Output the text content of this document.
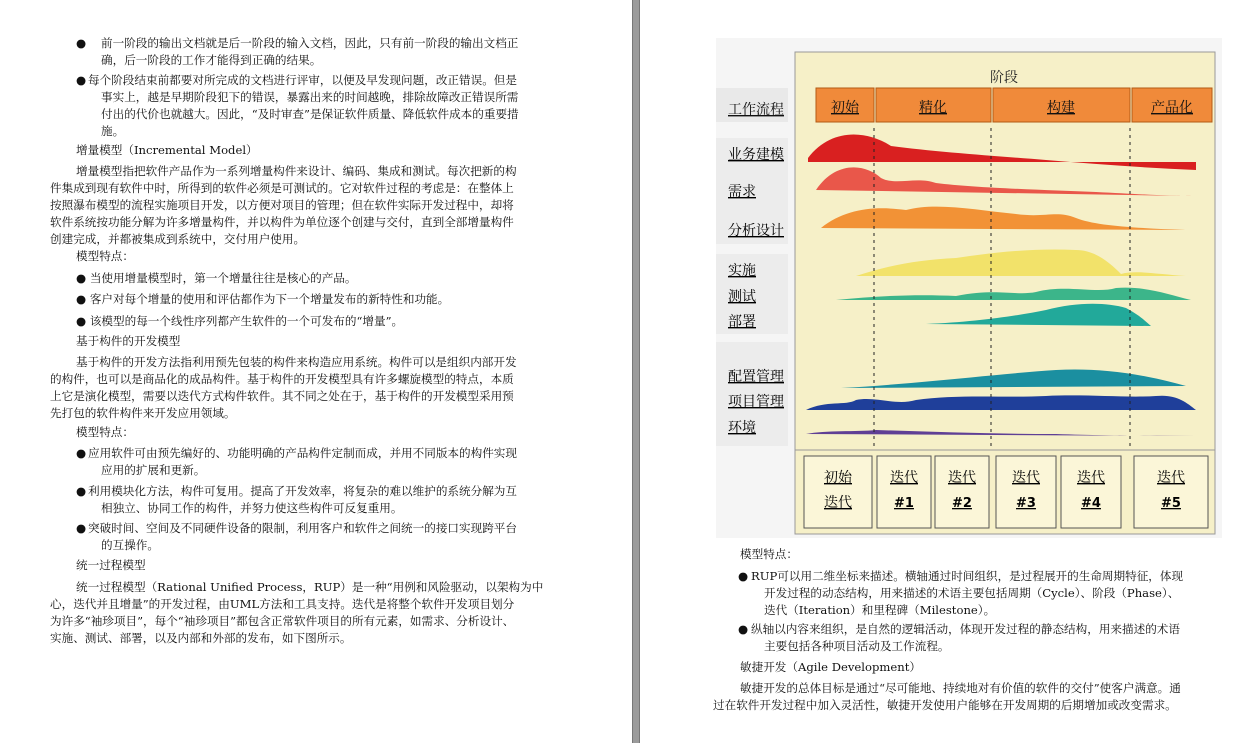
● 前一阶段的输出文档就是后一阶段的输入文档，因此，只有前一阶段的输出文档正
确，后一阶段的工作才能得到正确的结果。
● 每个阶段结束前都要对所完成的文档进行评审，以便及早发现问题，改正错误。但是
事实上，越是早期阶段犯下的错误，暴露出来的时间越晚，排除故障改正错误所需
付出的代价也就越大。因此，“及时审查”是保证软件质量、降低软件成本的重要措
施。
增量模型（Incremental Model）
增量模型指把软件产品作为一系列增量构件来设计、编码、集成和测试。每次把新的构
件集成到现有软件中时，所得到的软件必须是可测试的。它对软件过程的考虑是：在整体上
按照瀑布模型的流程实施项目开发，以方便对项目的管理；但在软件实际开发过程中，却将
软件系统按功能分解为许多增量构件，并以构件为单位逐个创建与交付，直到全部增量构件
创建完成，并都被集成到系统中，交付用户使用。
模型特点：
● 当使用增量模型时，第一个增量往往是核心的产品。
● 客户对每个增量的使用和评估都作为下一个增量发布的新特性和功能。
● 该模型的每一个线性序列都产生软件的一个可发布的“增量”。
基于构件的开发模型
基于构件的开发方法指利用预先包装的构件来构造应用系统。构件可以是组织内部开发
的构件，也可以是商品化的成品构件。基于构件的开发模型具有许多螺旋模型的特点，本质
上它是演化模型，需要以迭代方式构件软件。其不同之处在于，基于构件的开发模型采用预
先打包的软件构件来开发应用领域。
模型特点：
● 应用软件可由预先编好的、功能明确的产品构件定制而成，并用不同版本的构件实现
应用的扩展和更新。
● 利用模块化方法，构件可复用。提高了开发效率，将复杂的难以维护的系统分解为互
相独立、协同工作的构件，并努力使这些构件可反复重用。
● 突破时间、空间及不同硬件设备的限制，利用客户和软件之间统一的接口实现跨平台
的互操作。
统一过程模型
统一过程模型（Rational Unified Process，RUP）是一种“用例和风险驱动，以架构为中
心，迭代并且增量”的开发过程，由UML方法和工具支持。迭代是将整个软件开发项目划分
为许多“袖珍项目”，每个“袖珍项目”都包含正常软件项目的所有元素，如需求、分析设计、
实施、测试、部署，以及内部和外部的发布，如下图所示。
阶段
初始	精化	构建	产品化
工作流程
业务建模
需求
分析设计
实施
测试
部署
配置管理
项目管理
环境
初始
迭代
迭代
#1
迭代
#2
迭代
#3
迭代
#4
迭代
#5
模型特点：
● RUP可以用二维坐标来描述。横轴通过时间组织，是过程展开的生命周期特征，体现
开发过程的动态结构，用来描述的术语主要包括周期（Cycle）、阶段（Phase）、
迭代（Iteration）和里程碑（Milestone）。
● 纵轴以内容来组织，是自然的逻辑活动，体现开发过程的静态结构，用来描述的术语
主要包括各种项目活动及工作流程。
敏捷开发（Agile Development）
敏捷开发的总体目标是通过“尽可能地、持续地对有价值的软件的交付”使客户满意。通
过在软件开发过程中加入灵活性，敏捷开发使用户能够在开发周期的后期增加或改变需求。
